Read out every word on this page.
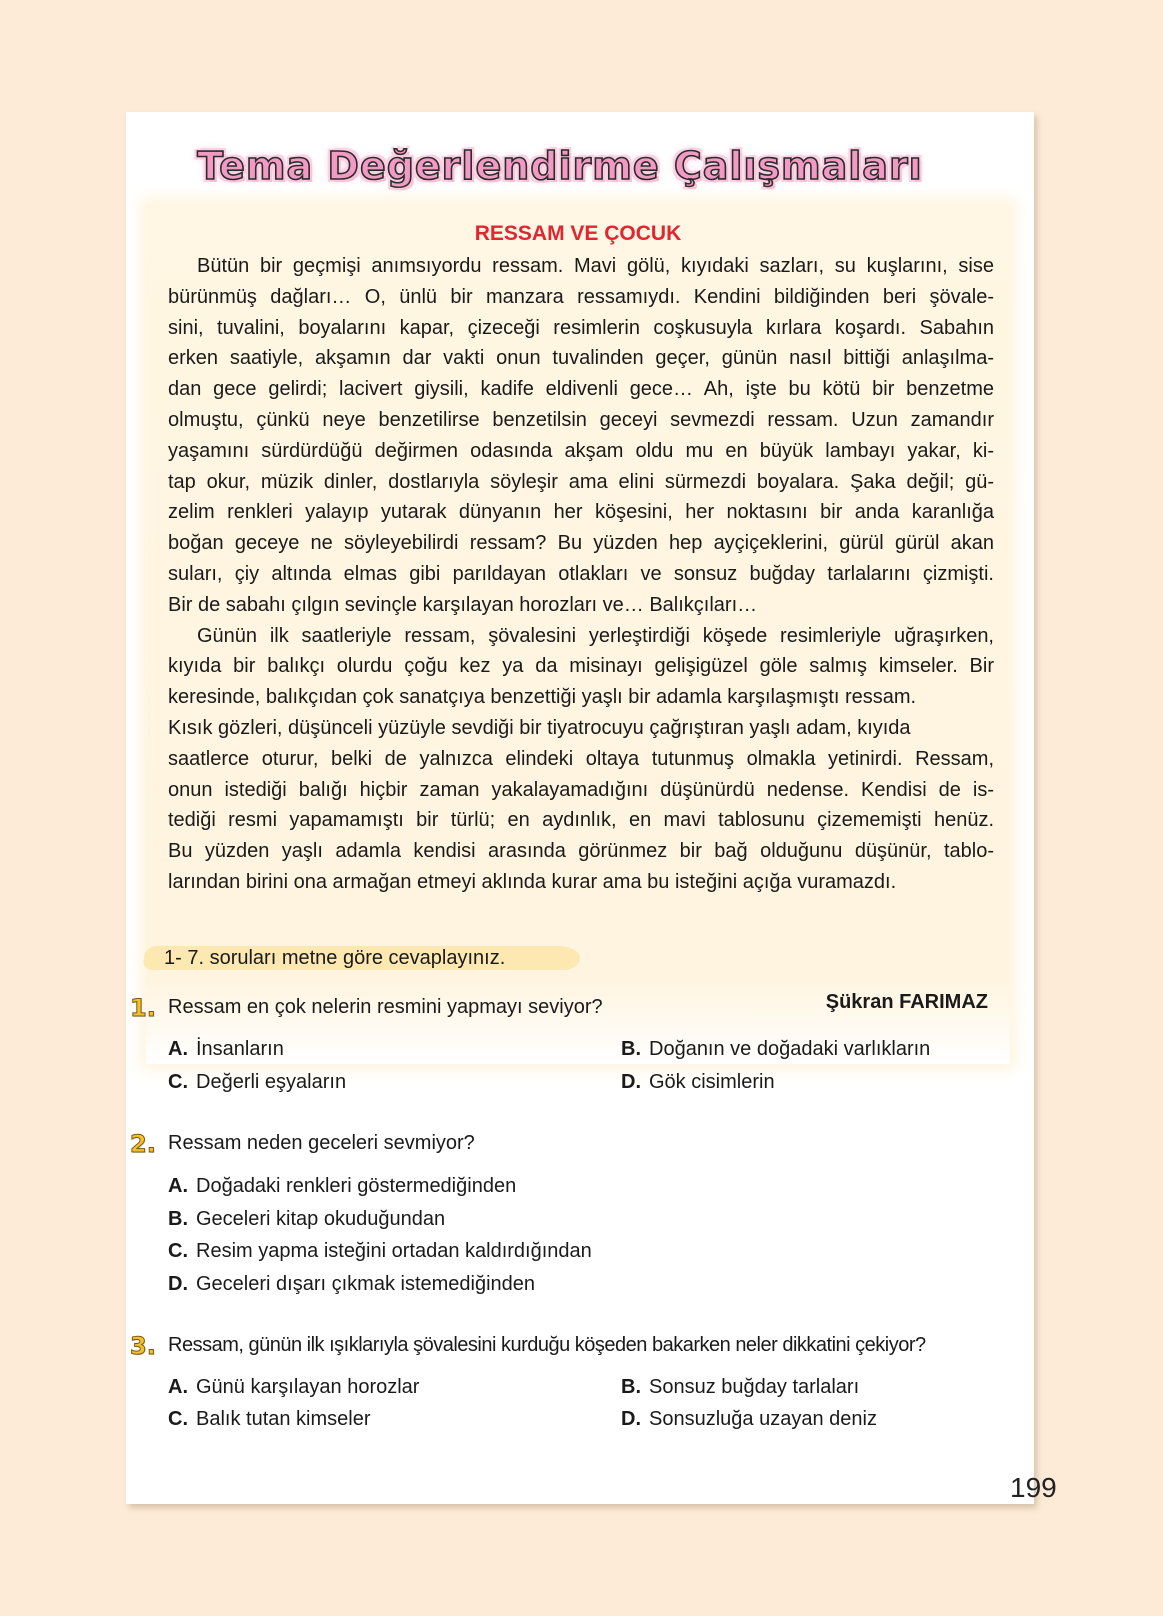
Tema Değerlendirme Çalışmaları
RESSAM VE ÇOCUK

Bütün bir geçmişi anımsıyordu ressam. Mavi gölü, kıyıdaki sazları, su kuşlarını, sise
bürünmüş dağları… O, ünlü bir manzara ressamıydı. Kendini bildiğinden beri şövale-
sini, tuvalini, boyalarını kapar, çizeceği resimlerin coşkusuyla kırlara koşardı. Sabahın
erken saatiyle, akşamın dar vakti onun tuvalinden geçer, günün nasıl bittiği anlaşılma-
dan gece gelirdi; lacivert giysili, kadife eldivenli gece… Ah, işte bu kötü bir benzetme
olmuştu, çünkü neye benzetilirse benzetilsin geceyi sevmezdi ressam. Uzun zamandır
yaşamını sürdürdüğü değirmen odasında akşam oldu mu en büyük lambayı yakar, ki-
tap okur, müzik dinler, dostlarıyla söyleşir ama elini sürmezdi boyalara. Şaka değil; gü-
zelim renkleri yalayıp yutarak dünyanın her köşesini, her noktasını bir anda karanlığa
boğan geceye ne söyleyebilirdi ressam? Bu yüzden hep ayçiçeklerini, gürül gürül akan
suları, çiy altında elmas gibi parıldayan otlakları ve sonsuz buğday tarlalarını çizmişti.
Bir de sabahı çılgın sevinçle karşılayan horozları ve… Balıkçıları…

Günün ilk saatleriyle ressam, şövalesini yerleştirdiği köşede resimleriyle uğraşırken,
kıyıda bir balıkçı olurdu çoğu kez ya da misinayı gelişigüzel göle salmış kimseler. Bir
keresinde, balıkçıdan çok sanatçıya benzettiği yaşlı bir adamla karşılaşmıştı ressam.
Kısık gözleri, düşünceli yüzüyle sevdiği bir tiyatrocuyu çağrıştıran yaşlı adam, kıyıda
saatlerce oturur, belki de yalnızca elindeki oltaya tutunmuş olmakla yetinirdi. Ressam,
onun istediği balığı hiçbir zaman yakalayamadığını düşünürdü nedense. Kendisi de is-
tediği resmi yapamamıştı bir türlü; en aydınlık, en mavi tablosunu çizememişti henüz.
Bu yüzden yaşlı adamla kendisi arasında görünmez bir bağ olduğunu düşünür, tablo-
larından birini ona armağan etmeyi aklında kurar ama bu isteğini açığa vuramazdı.

Şükran FARIMAZ
1- 7. soruları metne göre cevaplayınız.
1. Ressam en çok nelerin resmini yapmayı seviyor?
A. İnsanların	B. Doğanın ve doğadaki varlıkların
C. Değerli eşyaların	D. Gök cisimlerin
2. Ressam neden geceleri sevmiyor?
A. Doğadaki renkleri göstermediğinden
B. Geceleri kitap okuduğundan
C. Resim yapma isteğini ortadan kaldırdığından
D. Geceleri dışarı çıkmak istemediğinden
3. Ressam, günün ilk ışıklarıyla şövalesini kurduğu köşeden bakarken neler dikkatini çekiyor?
A. Günü karşılayan horozlar	B. Sonsuz buğday tarlaları
C. Balık tutan kimseler	D. Sonsuzluğa uzayan deniz
199
